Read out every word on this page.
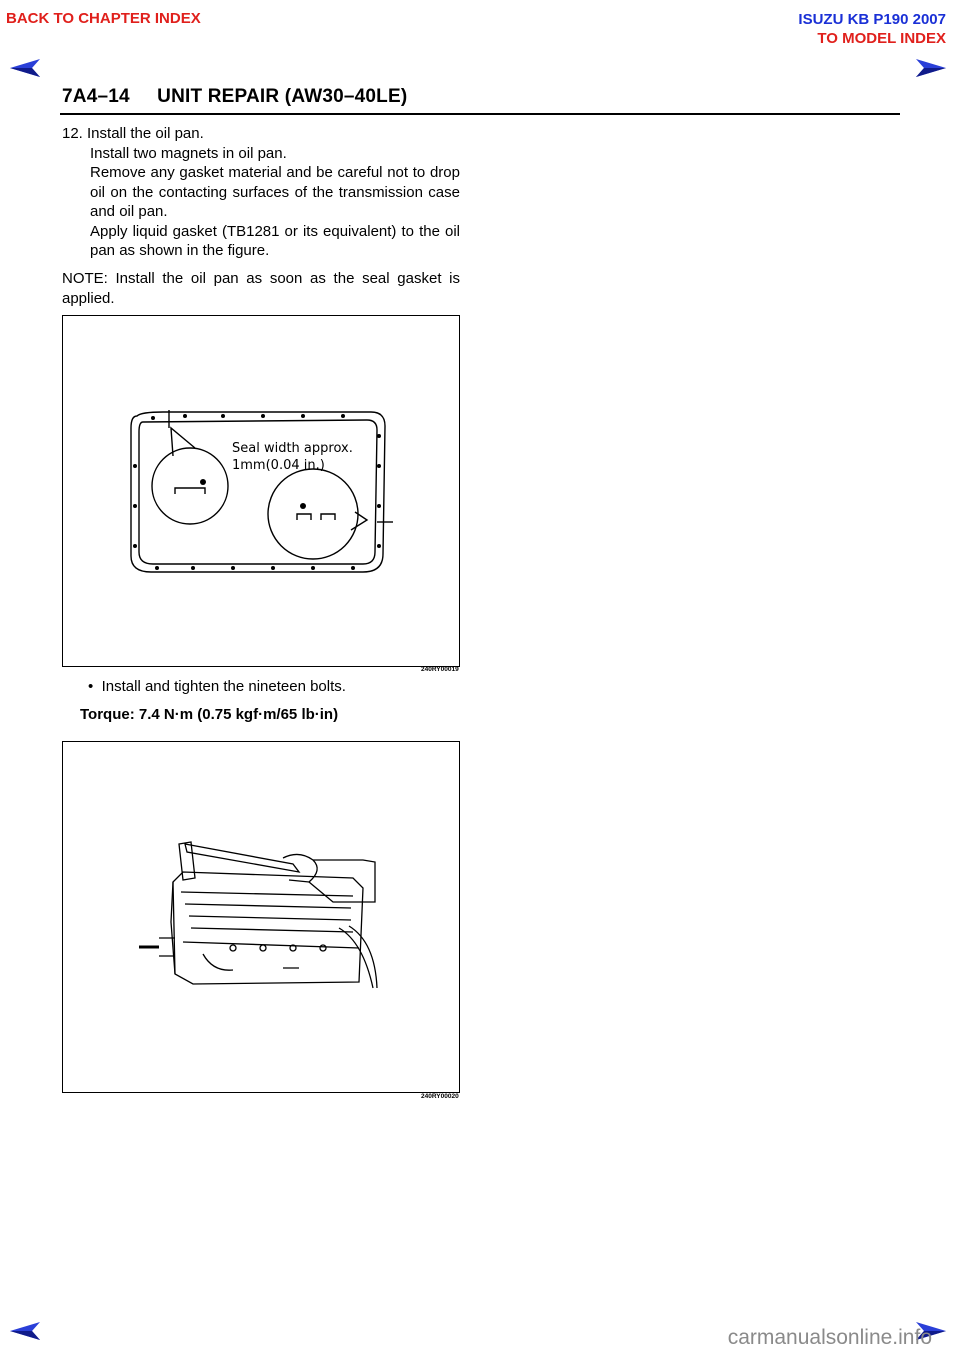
BACK TO CHAPTER INDEX	ISUZU KB P190 2007
TO MODEL INDEX
7A4–14     UNIT REPAIR (AW30–40LE)
12. Install the oil pan.
Install two magnets in oil pan.
Remove any gasket material and be careful not to drop oil on the contacting surfaces of the transmission case and oil pan.
Apply liquid gasket (TB1281 or its equivalent) to the oil pan as shown in the figure.
NOTE: Install the oil pan as soon as the seal gasket is applied.
Seal width approx.
1mm(0.04 in.)
240RY00019
•  Install and tighten the nineteen bolts.
Torque: 7.4 N·m (0.75 kgf·m/65 lb·in)
240RY00020
carmanualsonline.info
